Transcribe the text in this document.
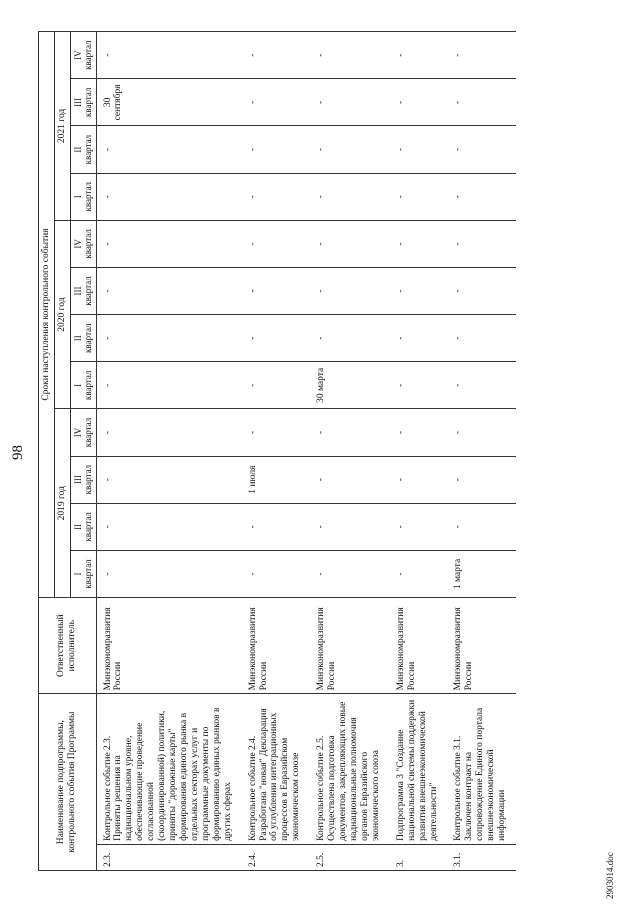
98
Наименование подпрограммы, контрольного события Программы		Ответственный исполнитель	Сроки наступления контрольного события											
			2019 год				2020 год				2021 год			

			I квартал	II квартал	III квартал	IV квартал	I квартал	II квартал	III квартал	IV квартал	I квартал	II квартал	III квартал	IV квартал
2.3.	Контрольное событие 2.3. Приняты решения на наднациональном уровне, обеспечивающие проведение согласованной (скоординированной) политики, приняты "дорожные карты" формирования единого рынка в отдельных секторах услуг и программные документы по формированию единых рынков в других сферах	Минэкономразвития России	-	-	-	-	-	-	-	-	-	-	30 сентября	-
2.4.	Контрольное событие 2.4. Разработана "новая" Декларация об углублении интеграционных процессов в Евразийском экономическом союзе	Минэкономразвития России	-	-	1 июля	-	-	-	-	-	-	-	-	-
2.5.	Контрольное событие 2.5. Осуществлена подготовка документов, закрепляющих новые наднациональные полномочия органов Евразийского экономического союза	Минэкономразвития России	-	-	-	-	30 марта	-	-	-	-	-	-	-
3.	Подпрограмма 3 "Создание национальной системы поддержки развития внешнеэкономической деятельности"	Минэкономразвития России	-	-	-	-	-	-	-	-	-	-	-	-
3.1.	Контрольное событие 3.1. Заключен контракт на сопровождение Единого портала внешнеэкономической информации	Минэкономразвития России	1 марта	-	-	-	-	-	-	-	-	-	-	-
2903014.doc
